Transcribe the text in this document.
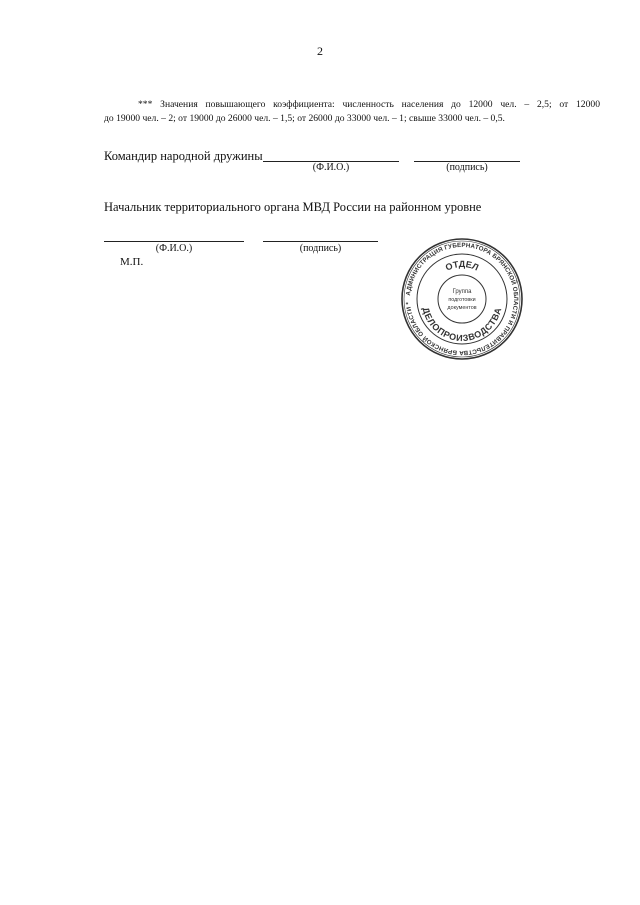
2
*** Значения повышающего коэффициента: численность населения до 12000 чел. – 2,5; от 12000
до 19000 чел. – 2; от 19000 до 26000 чел. – 1,5; от 26000 до 33000 чел. – 1; свыше 33000 чел. – 0,5.
Командир народной дружины
(Ф.И.О.)	(подпись)
Начальник территориального органа МВД России на районном уровне
(Ф.И.О.)	(подпись)
М.П.
АДМИНИСТРАЦИЯ ГУБЕРНАТОРА БРЯНСКОЙ ОБЛАСТИ И ПРАВИТЕЛЬСТВА БРЯНСКОЙ ОБЛАСТИ *
ОТДЕЛ
ДЕЛОПРОИЗВОДСТВА
Группа
подготовки
документов
